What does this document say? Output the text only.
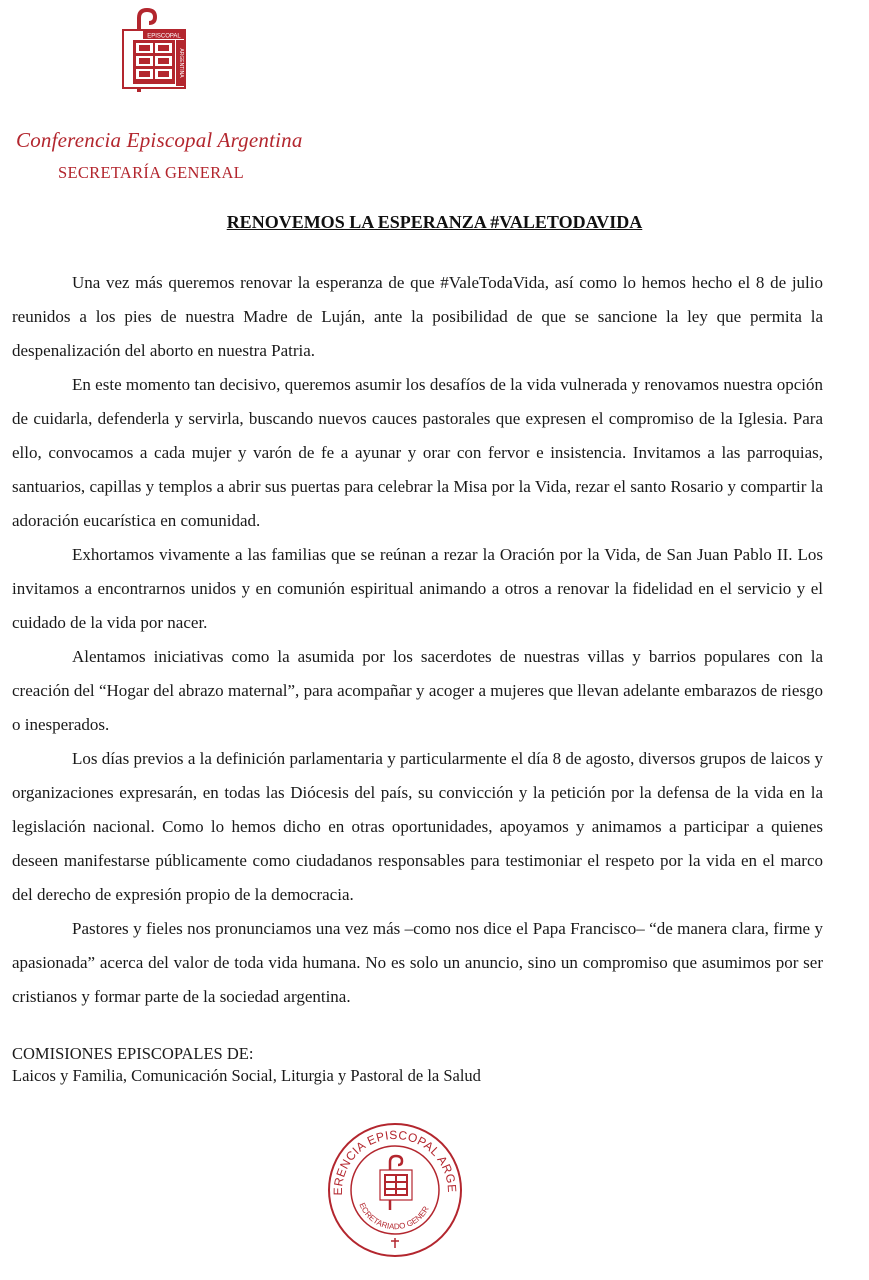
EPISCOPAL
ARGENTINA
Conferencia Episcopal Argentina
SECRETARÍA GENERAL
RENOVEMOS LA ESPERANZA #VALETODAVIDA

Una vez más queremos renovar la esperanza de que #ValeTodaVida, así como lo hemos hecho el 8 de julio reunidos a los pies de nuestra Madre de Luján, ante la posibilidad de que se sancione la ley que permita la despenalización del aborto en nuestra Patria.

En este momento tan decisivo, queremos asumir los desafíos de la vida vulnerada y renovamos nuestra opción de cuidarla, defenderla y servirla, buscando nuevos cauces pastorales que expresen el compromiso de la Iglesia. Para ello, convocamos a cada mujer y varón de fe a ayunar y orar con fervor e insistencia. Invitamos a las parroquias, santuarios, capillas y templos a abrir sus puertas para celebrar la Misa por la Vida, rezar el santo Rosario y compartir la adoración eucarística en comunidad.

Exhortamos vivamente a las familias que se reúnan a rezar la Oración por la Vida, de San Juan Pablo II. Los invitamos a encontrarnos unidos y en comunión espiritual animando a otros a renovar la fidelidad en el servicio y el cuidado de la vida por nacer.

Alentamos iniciativas como la asumida por los sacerdotes de nuestras villas y barrios populares con la creación del “Hogar del abrazo maternal”, para acompañar y acoger a mujeres que llevan adelante embarazos de riesgo o inesperados.

Los días previos a la definición parlamentaria y particularmente el día 8 de agosto, diversos grupos de laicos y organizaciones expresarán, en todas las Diócesis del país, su convicción y la petición por la defensa de la vida en la legislación nacional. Como lo hemos dicho en otras oportunidades, apoyamos y animamos a participar a quienes deseen manifestarse públicamente como ciudadanos responsables para testimoniar el respeto por la vida en el marco del derecho de expresión propio de la democracia.

Pastores y fieles nos pronunciamos una vez más –como nos dice el Papa Francisco– “de manera clara, firme y apasionada” acerca del valor de toda vida humana. No es solo un anuncio, sino un compromiso que asumimos por ser cristianos y formar parte de la sociedad argentina.

COMISIONES EPISCOPALES DE:
Laicos y Familia, Comunicación Social, Liturgia y Pastoral de la Salud
ERENCIA EPISCOPAL ARGE
ECRETARIADO GENER
